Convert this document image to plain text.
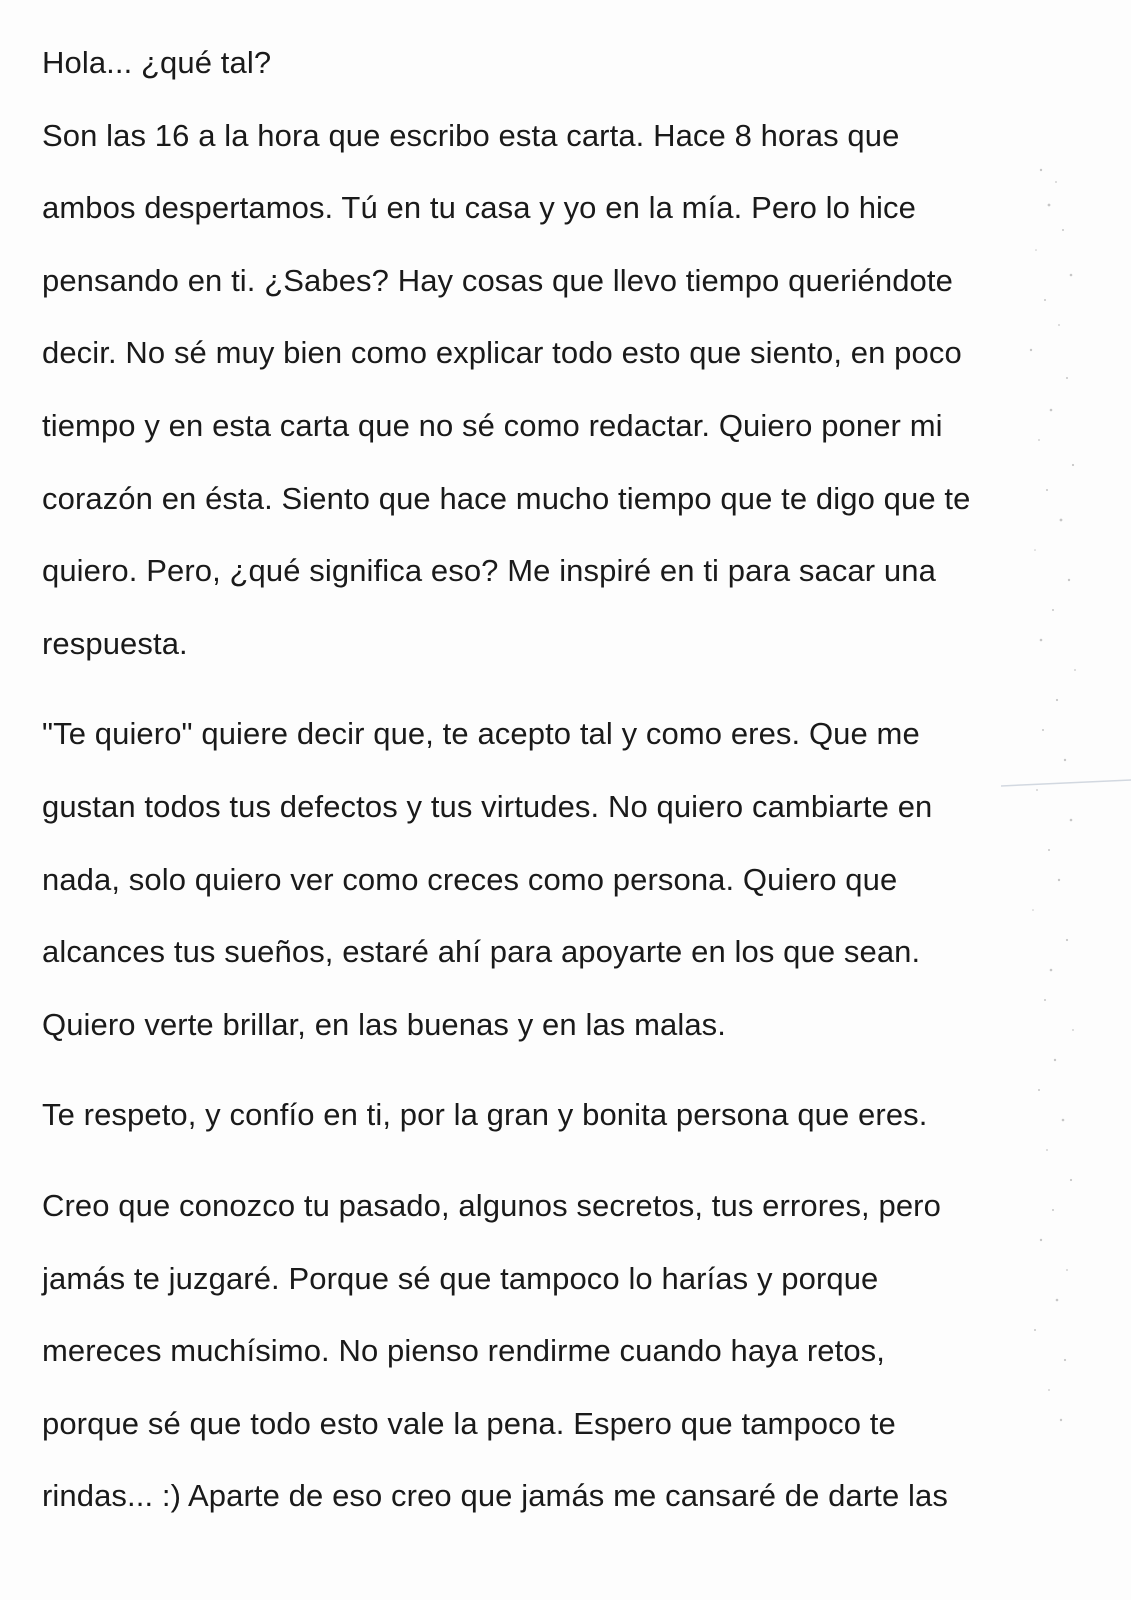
Hola... ¿qué tal?
Son las 16 a la hora que escribo esta carta. Hace 8 horas que
ambos despertamos. Tú en tu casa y yo en la mía. Pero lo hice
pensando en ti. ¿Sabes? Hay cosas que llevo tiempo queriéndote
decir. No sé muy bien como explicar todo esto que siento, en poco
tiempo y en esta carta que no sé como redactar. Quiero poner mi
corazón en ésta. Siento que hace mucho tiempo que te digo que te
quiero. Pero, ¿qué significa eso? Me inspiré en ti para sacar una
respuesta.
"Te quiero" quiere decir que, te acepto tal y como eres. Que me
gustan todos tus defectos y tus virtudes. No quiero cambiarte en
nada, solo quiero ver como creces como persona. Quiero que
alcances tus sueños, estaré ahí para apoyarte en los que sean.
Quiero verte brillar, en las buenas y en las malas.
Te respeto, y confío en ti, por la gran y bonita persona que eres.
Creo que conozco tu pasado, algunos secretos, tus errores, pero
jamás te juzgaré. Porque sé que tampoco lo harías y porque
mereces muchísimo. No pienso rendirme cuando haya retos,
porque sé que todo esto vale la pena. Espero que tampoco te
rindas... :) Aparte de eso creo que jamás me cansaré de darte las
